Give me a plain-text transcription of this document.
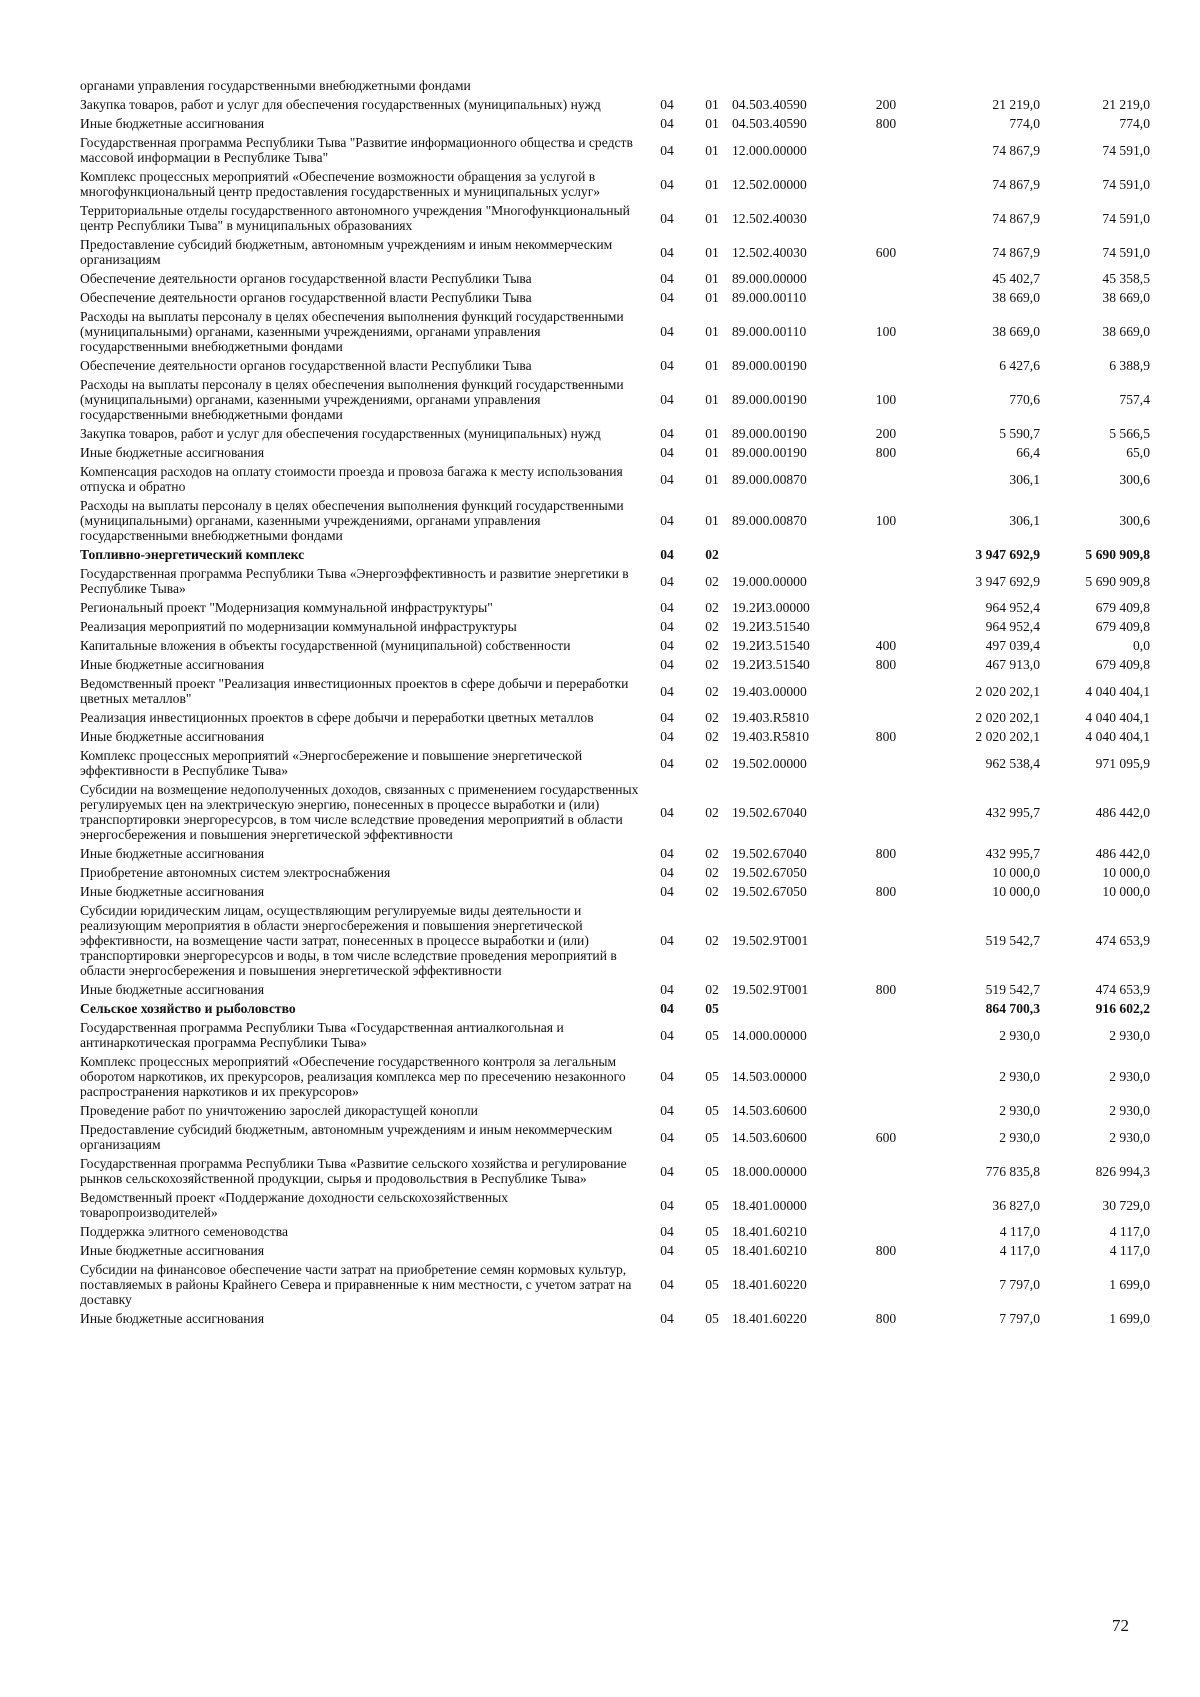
органами управления государственными внебюджетными фондами						
Закупка товаров, работ и услуг для обеспечения государственных (муниципальных) нужд	04	01	04.503.40590	200	21 219,0	21 219,0
Иные бюджетные ассигнования	04	01	04.503.40590	800	774,0	774,0
Государственная программа Республики Тыва "Развитие информационного общества и средств массовой информации в Республике Тыва"	04	01	12.000.00000		74 867,9	74 591,0
Комплекс процессных мероприятий «Обеспечение возможности обращения за услугой в многофункциональный центр предоставления государственных и муниципальных услуг»	04	01	12.502.00000		74 867,9	74 591,0
Территориальные отделы государственного автономного учреждения "Многофункциональный центр Республики Тыва" в муниципальных образованиях	04	01	12.502.40030		74 867,9	74 591,0
Предоставление субсидий бюджетным, автономным учреждениям и иным некоммерческим организациям	04	01	12.502.40030	600	74 867,9	74 591,0
Обеспечение деятельности органов государственной власти Республики Тыва	04	01	89.000.00000		45 402,7	45 358,5
Обеспечение деятельности органов государственной власти Республики Тыва	04	01	89.000.00110		38 669,0	38 669,0
Расходы на выплаты персоналу в целях обеспечения выполнения функций государственными (муниципальными) органами, казенными учреждениями, органами управления государственными внебюджетными фондами	04	01	89.000.00110	100	38 669,0	38 669,0
Обеспечение деятельности органов государственной власти Республики Тыва	04	01	89.000.00190		6 427,6	6 388,9
Расходы на выплаты персоналу в целях обеспечения выполнения функций государственными (муниципальными) органами, казенными учреждениями, органами управления государственными внебюджетными фондами	04	01	89.000.00190	100	770,6	757,4
Закупка товаров, работ и услуг для обеспечения государственных (муниципальных) нужд	04	01	89.000.00190	200	5 590,7	5 566,5
Иные бюджетные ассигнования	04	01	89.000.00190	800	66,4	65,0
Компенсация расходов на оплату стоимости проезда и провоза багажа к месту использования отпуска и обратно	04	01	89.000.00870		306,1	300,6
Расходы на выплаты персоналу в целях обеспечения выполнения функций государственными (муниципальными) органами, казенными учреждениями, органами управления государственными внебюджетными фондами	04	01	89.000.00870	100	306,1	300,6
Топливно-энергетический комплекс	04	02			3 947 692,9	5 690 909,8
Государственная программа Республики Тыва «Энергоэффективность и развитие энергетики в Республике Тыва»	04	02	19.000.00000		3 947 692,9	5 690 909,8
Региональный проект "Модернизация коммунальной инфраструктуры"	04	02	19.2И3.00000		964 952,4	679 409,8
Реализация мероприятий по модернизации коммунальной инфраструктуры	04	02	19.2И3.51540		964 952,4	679 409,8
Капитальные вложения в объекты государственной (муниципальной) собственности	04	02	19.2И3.51540	400	497 039,4	0,0
Иные бюджетные ассигнования	04	02	19.2И3.51540	800	467 913,0	679 409,8
Ведомственный проект "Реализация инвестиционных проектов в сфере добычи и переработки цветных металлов"	04	02	19.403.00000		2 020 202,1	4 040 404,1
Реализация инвестиционных проектов в сфере добычи и переработки цветных металлов	04	02	19.403.R5810		2 020 202,1	4 040 404,1
Иные бюджетные ассигнования	04	02	19.403.R5810	800	2 020 202,1	4 040 404,1
Комплекс процессных мероприятий «Энергосбережение и повышение энергетической эффективности в Республике Тыва»	04	02	19.502.00000		962 538,4	971 095,9
Субсидии на возмещение недополученных доходов, связанных с применением государственных регулируемых цен на электрическую энергию, понесенных в процессе выработки и (или) транспортировки энергоресурсов, в том числе вследствие проведения мероприятий в области энергосбережения и повышения энергетической эффективности	04	02	19.502.67040		432 995,7	486 442,0
Иные бюджетные ассигнования	04	02	19.502.67040	800	432 995,7	486 442,0
Приобретение автономных систем электроснабжения	04	02	19.502.67050		10 000,0	10 000,0
Иные бюджетные ассигнования	04	02	19.502.67050	800	10 000,0	10 000,0
Субсидии юридическим лицам, осуществляющим регулируемые виды деятельности и реализующим мероприятия в области энергосбережения и повышения энергетической эффективности, на возмещение части затрат, понесенных в процессе выработки и (или) транспортировки энергоресурсов и воды, в том числе вследствие проведения мероприятий в области энергосбережения и повышения энергетической эффективности	04	02	19.502.9Т001		519 542,7	474 653,9
Иные бюджетные ассигнования	04	02	19.502.9Т001	800	519 542,7	474 653,9
Сельское хозяйство и рыболовство	04	05			864 700,3	916 602,2
Государственная программа Республики Тыва «Государственная антиалкогольная и антинаркотическая программа Республики Тыва»	04	05	14.000.00000		2 930,0	2 930,0
Комплекс процессных мероприятий «Обеспечение государственного контроля за легальным оборотом наркотиков, их прекурсоров, реализация комплекса мер по пресечению незаконного распространения наркотиков и их прекурсоров»	04	05	14.503.00000		2 930,0	2 930,0
Проведение работ по уничтожению зарослей дикорастущей конопли	04	05	14.503.60600		2 930,0	2 930,0
Предоставление субсидий бюджетным, автономным учреждениям и иным некоммерческим организациям	04	05	14.503.60600	600	2 930,0	2 930,0
Государственная программа Республики Тыва «Развитие сельского хозяйства и регулирование рынков сельскохозяйственной продукции, сырья и продовольствия в Республике Тыва»	04	05	18.000.00000		776 835,8	826 994,3
Ведомственный проект «Поддержание доходности сельскохозяйственных товаропроизводителей»	04	05	18.401.00000		36 827,0	30 729,0
Поддержка элитного семеноводства	04	05	18.401.60210		4 117,0	4 117,0
Иные бюджетные ассигнования	04	05	18.401.60210	800	4 117,0	4 117,0
Субсидии на финансовое обеспечение части затрат на приобретение семян кормовых культур, поставляемых в районы Крайнего Севера и приравненные к ним местности, с учетом затрат на доставку	04	05	18.401.60220		7 797,0	1 699,0
Иные бюджетные ассигнования	04	05	18.401.60220	800	7 797,0	1 699,0
72
